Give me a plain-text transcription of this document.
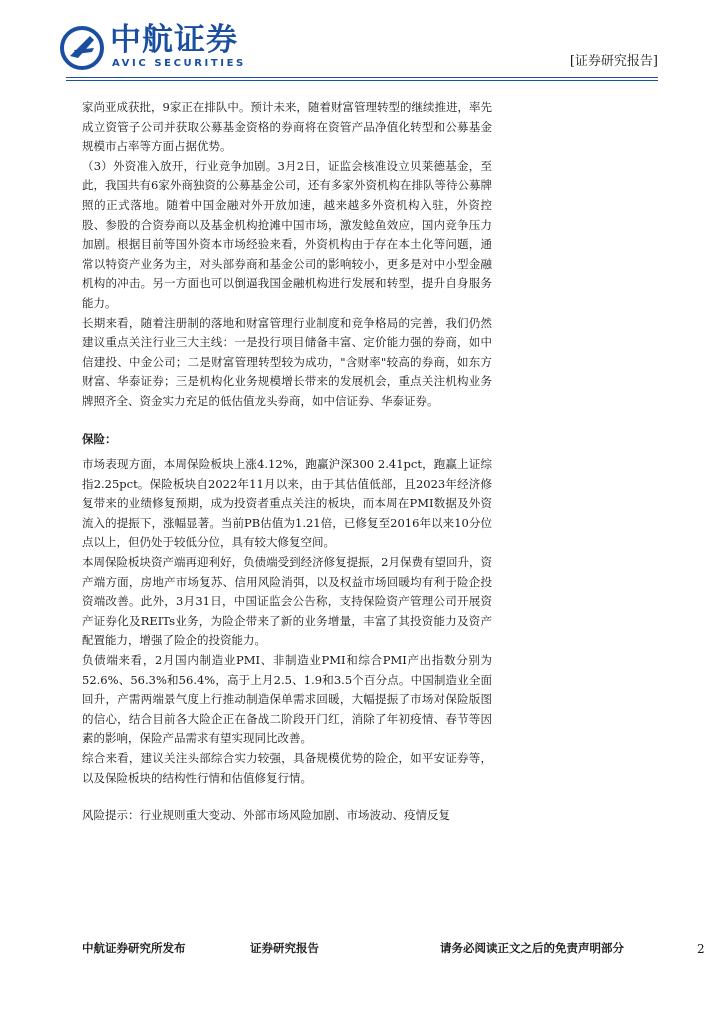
中航证券
AVIC SECURITIES	[证券研究报告]

家尚亚成获批，9家正在排队中。预计未来，随着财富管理转型的继续推进，率先成立资管子公司并获取公募基金资格的券商将在资管产品净值化转型和公募基金规模市占率等方面占据优势。

（3）外资准入放开，行业竞争加剧。3月2日，证监会核准设立贝莱德基金，至此，我国共有6家外商独资的公募基金公司，还有多家外资机构在排队等待公募牌照的正式落地。随着中国金融对外开放加速，越来越多外资机构入驻，外资控股、参股的合资券商以及基金机构抢滩中国市场，激发鲶鱼效应，国内竞争压力加剧。根据目前等国外资本市场经验来看，外资机构由于存在本土化等问题，通常以特资产业务为主，对头部券商和基金公司的影响较小，更多是对中小型金融机构的冲击。另一方面也可以倒逼我国金融机构进行发展和转型，提升自身服务能力。

长期来看，随着注册制的落地和财富管理行业制度和竞争格局的完善，我们仍然建议重点关注行业三大主线：一是投行项目储备丰富、定价能力强的券商，如中信建投、中金公司；二是财富管理转型较为成功，"含财率"较高的券商，如东方财富、华泰证券；三是机构化业务规模增长带来的发展机会，重点关注机构业务牌照齐全、资金实力充足的低估值龙头券商，如中信证券、华泰证券。

保险：

市场表现方面，本周保险板块上涨4.12%，跑赢沪深300 2.41pct，跑赢上证综指2.25pct。保险板块自2022年11月以来，由于其估值低部，且2023年经济修复带来的业绩修复预期，成为投资者重点关注的板块，而本周在PMI数据及外资流入的提振下，涨幅显著。当前PB估值为1.21倍，已修复至2016年以来10分位点以上，但仍处于较低分位，具有较大修复空间。

本周保险板块资产端再迎利好，负债端受到经济修复提振，2月保费有望回升，资产端方面，房地产市场复苏、信用风险消弭，以及权益市场回暖均有利于险企投资端改善。此外，3月31日，中国证监会公告称，支持保险资产管理公司开展资产证券化及REITs业务，为险企带来了新的业务增量，丰富了其投资能力及资产配置能力，增强了险企的投资能力。

负债端来看，2月国内制造业PMI、非制造业PMI和综合PMI产出指数分别为52.6%、56.3%和56.4%，高于上月2.5、1.9和3.5个百分点。中国制造业全面回升，产需两端景气度上行推动制造保单需求回暖，大幅提振了市场对保险版图的信心，结合目前各大险企正在备战二阶段开门红，消除了年初疫情、春节等因素的影响，保险产品需求有望实现同比改善。

综合来看，建议关注头部综合实力较强，具备规模优势的险企，如平安证券等，以及保险板块的结构性行情和估值修复行情。

风险提示：行业规则重大变动、外部市场风险加剧、市场波动、疫情反复

中航证券研究所发布	证券研究报告	请务必阅读正文之后的免责声明部分	2
